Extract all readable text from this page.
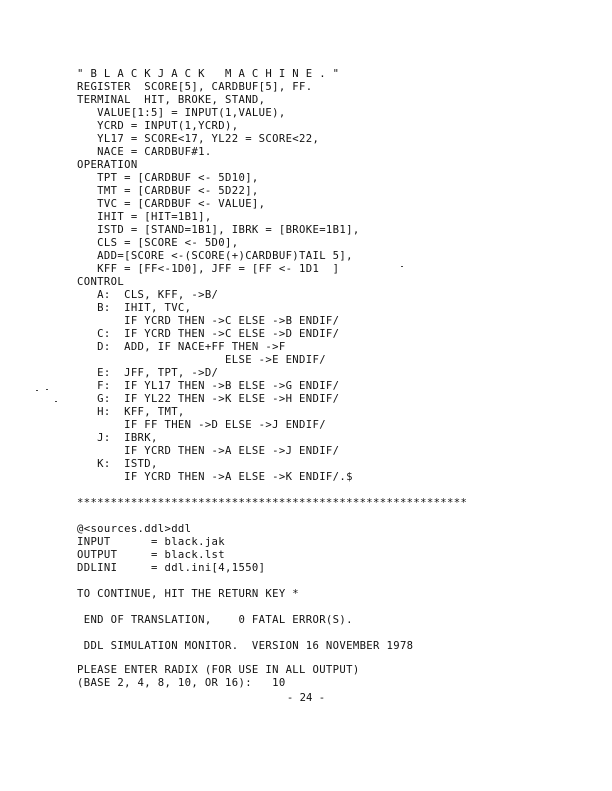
" B L A C K J A C K   M A C H I N E . "
REGISTER  SCORE[5], CARDBUF[5], FF.
TERMINAL  HIT, BROKE, STAND,
VALUE[1:5] = INPUT(1,VALUE),
YCRD = INPUT(1,YCRD),
YL17 = SCORE<17, YL22 = SCORE<22,
NACE = CARDBUF#1.
OPERATION
TPT = [CARDBUF <- 5D10],
TMT = [CARDBUF <- 5D22],
TVC = [CARDBUF <- VALUE],
IHIT = [HIT=1B1],
ISTD = [STAND=1B1], IBRK = [BROKE=1B1],
CLS = [SCORE <- 5D0],
ADD=[SCORE <-(SCORE(+)CARDBUF)TAIL 5],
KFF = [FF<-1D0], JFF = [FF <- 1D1  ]
CONTROL
A:  CLS, KFF, ->B/
B:  IHIT, TVC,
IF YCRD THEN ->C ELSE ->B ENDIF/
C:  IF YCRD THEN ->C ELSE ->D ENDIF/
D:  ADD, IF NACE+FF THEN ->F
ELSE ->E ENDIF/
E:  JFF, TPT, ->D/
F:  IF YL17 THEN ->B ELSE ->G ENDIF/
G:  IF YL22 THEN ->K ELSE ->H ENDIF/
H:  KFF, TMT,
IF FF THEN ->D ELSE ->J ENDIF/
J:  IBRK,
IF YCRD THEN ->A ELSE ->J ENDIF/
K:  ISTD,
IF YCRD THEN ->A ELSE ->K ENDIF/.$
**********************************************************
@<sources.ddl>ddl
INPUT      = black.jak
OUTPUT     = black.lst
DDLINI     = ddl.ini[4,1550]
TO CONTINUE, HIT THE RETURN KEY *
END OF TRANSLATION,    0 FATAL ERROR(S).
DDL SIMULATION MONITOR.  VERSION 16 NOVEMBER 1978
PLEASE ENTER RADIX (FOR USE IN ALL OUTPUT)
(BASE 2, 4, 8, 10, OR 16):   10
- 24 -
